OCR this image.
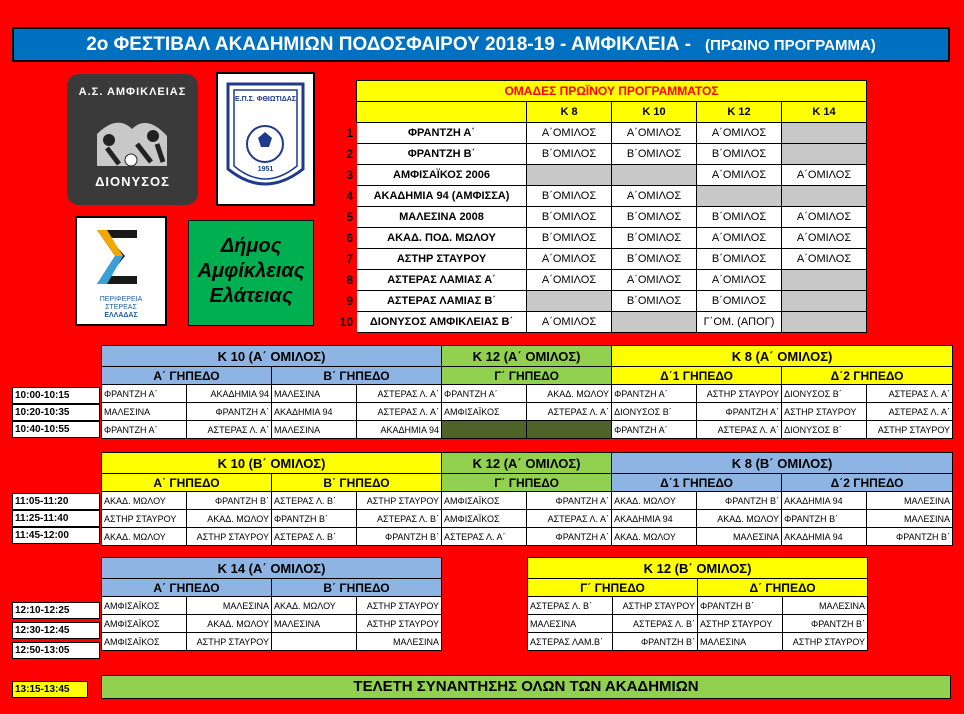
2ο ΦΕΣΤΙΒΑΛ ΑΚΑΔΗΜΙΩΝ ΠΟΔΟΣΦΑΙΡΟΥ 2018-19 - ΑΜΦΙΚΛΕΙΑ - (ΠΡΩΙΝΟ ΠΡΟΓΡΑΜΜΑ)
Α.Σ. ΑΜΦΙΚΛΕΙΑΣ
ΔΙΟΝΥΣΟΣ
Ε.Π.Σ. ΦΘΙΩΤΙΔΑΣ
1951
ΠΕΡΙΦΕΡΕΙΑ
ΣΤΕΡΕΑΣ
ΕΛΛΑΔΑΣ
Δήμος
Αμφίκλειας
Ελάτειας
	ΟΜΑΔΕΣ ΠΡΩΪΝΟΥ ΠΡΟΓΡΑΜΜΑΤΟΣ				
		Κ 8	Κ 10	Κ 12	Κ 14
1	ΦΡΑΝΤΖΗ Α΄	Α΄ΟΜΙΛΟΣ	Α΄ΟΜΙΛΟΣ	Α΄ΟΜΙΛΟΣ	
2	ΦΡΑΝΤΖΗ Β΄	Β΄ΟΜΙΛΟΣ	Β΄ΟΜΙΛΟΣ	Β΄ΟΜΙΛΟΣ	
3	ΑΜΦΙΣΑΪΚΟΣ 2006			Α΄ΟΜΙΛΟΣ	Α΄ΟΜΙΛΟΣ
4	ΑΚΑΔΗΜΙΑ 94 (ΑΜΦΙΣΣΑ)	Β΄ΟΜΙΛΟΣ	Α΄ΟΜΙΛΟΣ		
5	ΜΑΛΕΣΙΝΑ 2008	Β΄ΟΜΙΛΟΣ	Β΄ΟΜΙΛΟΣ	Β΄ΟΜΙΛΟΣ	Α΄ΟΜΙΛΟΣ
6	ΑΚΑΔ. ΠΟΔ. ΜΩΛΟΥ	Β΄ΟΜΙΛΟΣ	Β΄ΟΜΙΛΟΣ	Α΄ΟΜΙΛΟΣ	Α΄ΟΜΙΛΟΣ
7	ΑΣΤΗΡ ΣΤΑΥΡΟΥ	Α΄ΟΜΙΛΟΣ	Β΄ΟΜΙΛΟΣ	Β΄ΟΜΙΛΟΣ	Α΄ΟΜΙΛΟΣ
8	ΑΣΤΕΡΑΣ ΛΑΜΙΑΣ Α΄	Α΄ΟΜΙΛΟΣ	Α΄ΟΜΙΛΟΣ	Α΄ΟΜΙΛΟΣ	
9	ΑΣΤΕΡΑΣ ΛΑΜΙΑΣ Β΄		Β΄ΟΜΙΛΟΣ	Β΄ΟΜΙΛΟΣ	
10	ΔΙΟΝΥΣΟΣ ΑΜΦΙΚΛΕΙΑΣ Β΄	Α΄ΟΜΙΛΟΣ		Γ΄ΟΜ. (ΑΠΟΓ)	
10:00-10:15
10:20-10:35
10:40-10:55
Κ 10 (Α΄ ΟΜΙΛΟΣ)				Κ 12 (Α΄ ΟΜΙΛΟΣ)		Κ 8 (Α΄ ΟΜΙΛΟΣ)			
Α΄ ΓΗΠΕΔΟ		Β΄ ΓΗΠΕΔΟ		Γ΄ ΓΗΠΕΔΟ		Δ΄1 ΓΗΠΕΔΟ		Δ΄2 ΓΗΠΕΔΟ	
ΦΡΑΝΤΖΗ Α΄	ΑΚΑΔΗΜΙΑ 94	ΜΑΛΕΣΙΝΑ	ΑΣΤΕΡΑΣ Λ. Α΄	ΦΡΑΝΤΖΗ Α΄	ΑΚΑΔ. ΜΩΛΟΥ	ΦΡΑΝΤΖΗ Α΄	ΑΣΤΗΡ ΣΤΑΥΡΟΥ	ΔΙΟΝΥΣΟΣ Β΄	ΑΣΤΕΡΑΣ Λ. Α΄
ΜΑΛΕΣΙΝΑ	ΦΡΑΝΤΖΗ Α΄	ΑΚΑΔΗΜΙΑ 94	ΑΣΤΕΡΑΣ Λ. Α΄	ΑΜΦΙΣΑΪΚΟΣ	ΑΣΤΕΡΑΣ Λ. Α΄	ΔΙΟΝΥΣΟΣ Β΄	ΦΡΑΝΤΖΗ Α΄	ΑΣΤΗΡ ΣΤΑΥΡΟΥ	ΑΣΤΕΡΑΣ Λ. Α΄
ΦΡΑΝΤΖΗ Α΄	ΑΣΤΕΡΑΣ Λ. Α΄	ΜΑΛΕΣΙΝΑ	ΑΚΑΔΗΜΙΑ 94			ΦΡΑΝΤΖΗ Α΄	ΑΣΤΕΡΑΣ Λ. Α΄	ΔΙΟΝΥΣΟΣ Β΄	ΑΣΤΗΡ ΣΤΑΥΡΟΥ
11:05-11:20
11:25-11:40
11:45-12:00
Κ 10 (Β΄ ΟΜΙΛΟΣ)				Κ 12 (Α΄ ΟΜΙΛΟΣ)		Κ 8 (Β΄ ΟΜΙΛΟΣ)			
Α΄ ΓΗΠΕΔΟ		Β΄ ΓΗΠΕΔΟ		Γ΄ ΓΗΠΕΔΟ		Δ΄1 ΓΗΠΕΔΟ		Δ΄2 ΓΗΠΕΔΟ	
ΑΚΑΔ. ΜΩΛΟΥ	ΦΡΑΝΤΖΗ Β΄	ΑΣΤΕΡΑΣ Λ. Β΄	ΑΣΤΗΡ ΣΤΑΥΡΟΥ	ΑΜΦΙΣΑΪΚΟΣ	ΦΡΑΝΤΖΗ Α΄	ΑΚΑΔ. ΜΩΛΟΥ	ΦΡΑΝΤΖΗ Β΄	ΑΚΑΔΗΜΙΑ 94	ΜΑΛΕΣΙΝΑ
ΑΣΤΗΡ ΣΤΑΥΡΟΥ	ΑΚΑΔ. ΜΩΛΟΥ	ΦΡΑΝΤΖΗ Β΄	ΑΣΤΕΡΑΣ Λ. Β΄	ΑΜΦΙΣΑΪΚΟΣ	ΑΣΤΕΡΑΣ Λ. Α΄	ΑΚΑΔΗΜΙΑ 94	ΑΚΑΔ. ΜΩΛΟΥ	ΦΡΑΝΤΖΗ Β΄	ΜΑΛΕΣΙΝΑ
ΑΚΑΔ. ΜΩΛΟΥ	ΑΣΤΗΡ ΣΤΑΥΡΟΥ	ΑΣΤΕΡΑΣ Λ. Β΄	ΦΡΑΝΤΖΗ Β΄	ΑΣΤΕΡΑΣ Λ. Α΄	ΦΡΑΝΤΖΗ Α΄	ΑΚΑΔ. ΜΩΛΟΥ	ΜΑΛΕΣΙΝΑ	ΑΚΑΔΗΜΙΑ 94	ΦΡΑΝΤΖΗ Β΄
12:10-12:25
12:30-12:45
12:50-13:05
Κ 14 (Α΄ ΟΜΙΛΟΣ)			
Α΄ ΓΗΠΕΔΟ		Β΄ ΓΗΠΕΔΟ	
ΑΜΦΙΣΑΪΚΟΣ	ΜΑΛΕΣΙΝΑ	ΑΚΑΔ. ΜΩΛΟΥ	ΑΣΤΗΡ ΣΤΑΥΡΟΥ
ΑΜΦΙΣΑΪΚΟΣ	ΑΚΑΔ. ΜΩΛΟΥ	ΜΑΛΕΣΙΝΑ	ΑΣΤΗΡ ΣΤΑΥΡΟΥ
ΑΜΦΙΣΑΪΚΟΣ	ΑΣΤΗΡ ΣΤΑΥΡΟΥ		ΜΑΛΕΣΙΝΑ
Κ 12 (Β΄ ΟΜΙΛΟΣ)			
Γ΄ ΓΗΠΕΔΟ		Δ΄ ΓΗΠΕΔΟ	
ΑΣΤΕΡΑΣ Λ. Β΄	ΑΣΤΗΡ ΣΤΑΥΡΟΥ	ΦΡΑΝΤΖΗ Β΄	ΜΑΛΕΣΙΝΑ
ΜΑΛΕΣΙΝΑ	ΑΣΤΕΡΑΣ Λ. Β΄	ΑΣΤΗΡ ΣΤΑΥΡΟΥ	ΦΡΑΝΤΖΗ Β΄
ΑΣΤΕΡΑΣ ΛΑΜ.Β΄	ΦΡΑΝΤΖΗ Β΄	ΜΑΛΕΣΙΝΑ	ΑΣΤΗΡ ΣΤΑΥΡΟΥ
13:15-13:45	ΤΕΛΕΤΗ ΣΥΝΑΝΤΗΣΗΣ ΟΛΩΝ ΤΩΝ ΑΚΑΔΗΜΙΩΝ
